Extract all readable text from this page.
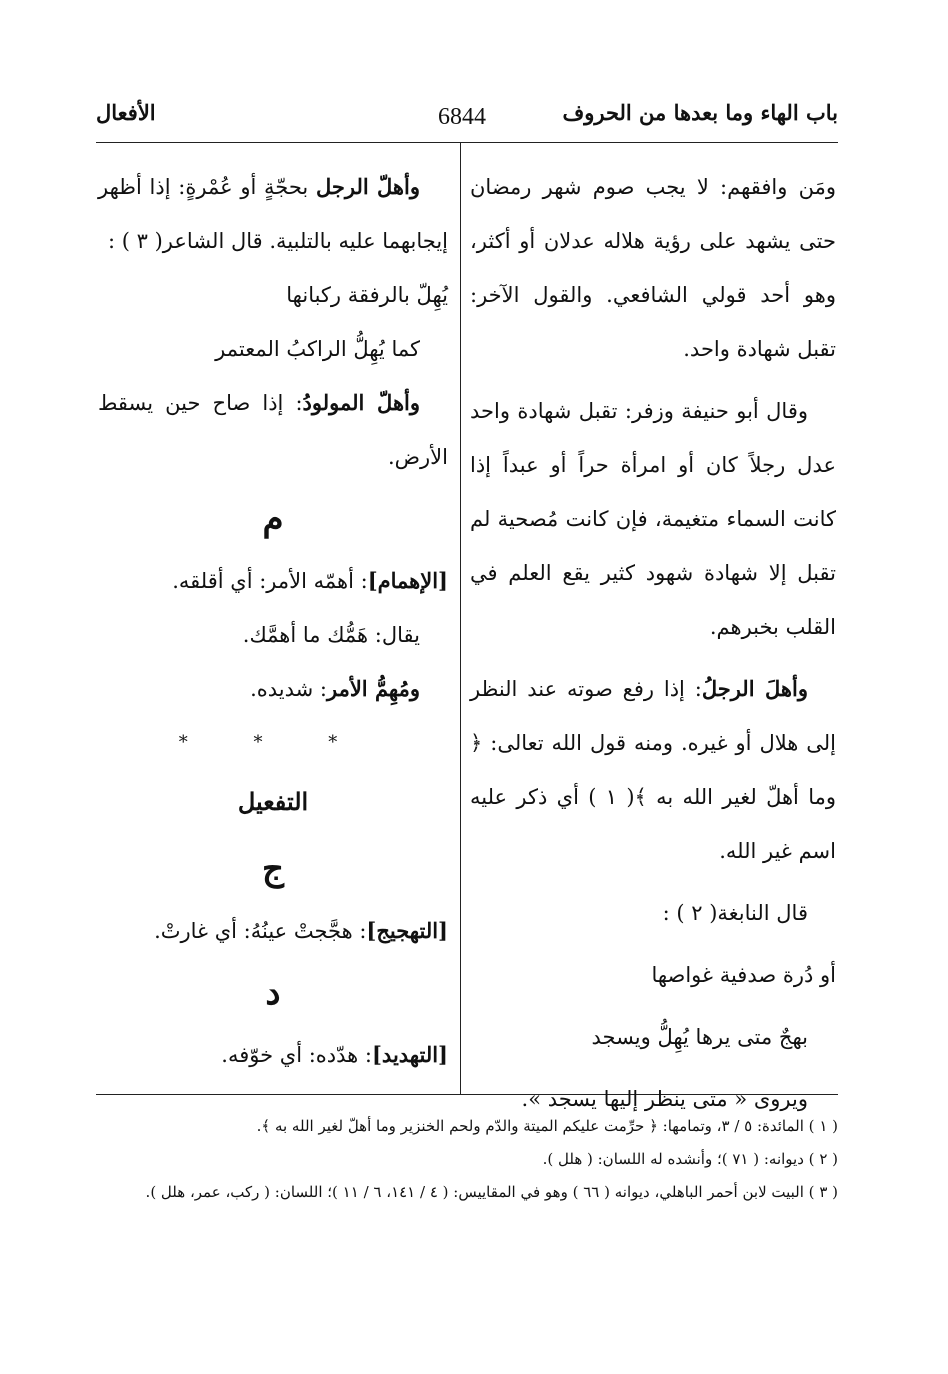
باب الهاء وما بعدها من الحروف
6844
الأفعال

ومَن وافقهم: لا يجب صوم شهر رمضان حتى يشهد على رؤية هلاله عدلان أو أكثر، وهو أحد قولي الشافعي. والقول الآخر: تقبل شهادة واحد.

وقال أبو حنيفة وزفر: تقبل شهادة واحد عدل رجلاً كان أو امرأة حراً أو عبداً إذا كانت السماء متغيمة، فإن كانت مُصحية لم تقبل إلا شهادة شهود كثير يقع العلم في القلب بخبرهم.

وأهلَ الرجلُ: إذا رفع صوته عند النظر إلى هلال أو غيره. ومنه قول الله تعالى: ﴿ وما أهلّ لغير الله به ﴾( ١ ) أي ذكر عليه اسم غير الله.

قال النابغة( ٢ ) :

أو دُرة صدفية غواصها

بهجٌ متى يرها يُهِلُّ ويسجد

ويروى « متى ينظر إليها يسجد ».

وأهلّ الرجل بحجّةٍ أو عُمْرةٍ: إذا أظهر إيجابهما عليه بالتلبية. قال الشاعر( ٣ ) :

يُهِلّ بالرفقة ركبانها

كما يُهِلُّ الراكبُ المعتمر

وأهلّ المولودُ: إذا صاح حين يسقط الأرض.

م

[الإهمام]: أهمّه الأمر: أي أقلقه.

يقال: هَمُّك ما أهمَّك.

ومُهِمُّ الأمر: شديده.

* * *

التفعيل

ج

[التهجيج]: هجَّجتْ عينُهُ: أي غارتْ.

د

[التهديد]: هدّده: أي خوّفه.

( ١ ) المائدة: ٥ / ٣، وتمامها: ﴿ حرِّمت عليكم الميتة والدّم ولحم الخنزير وما أهلّ لغير الله به ﴾.

( ٢ ) ديوانه: ( ٧١ )؛ وأنشده له اللسان: ( هلل ).

( ٣ ) البيت لابن أحمر الباهلي، ديوانه ( ٦٦ ) وهو في المقاييس: ( ٤ / ١٤١، ٦ / ١١ )؛ اللسان: ( ركب، عمر، هلل ).
